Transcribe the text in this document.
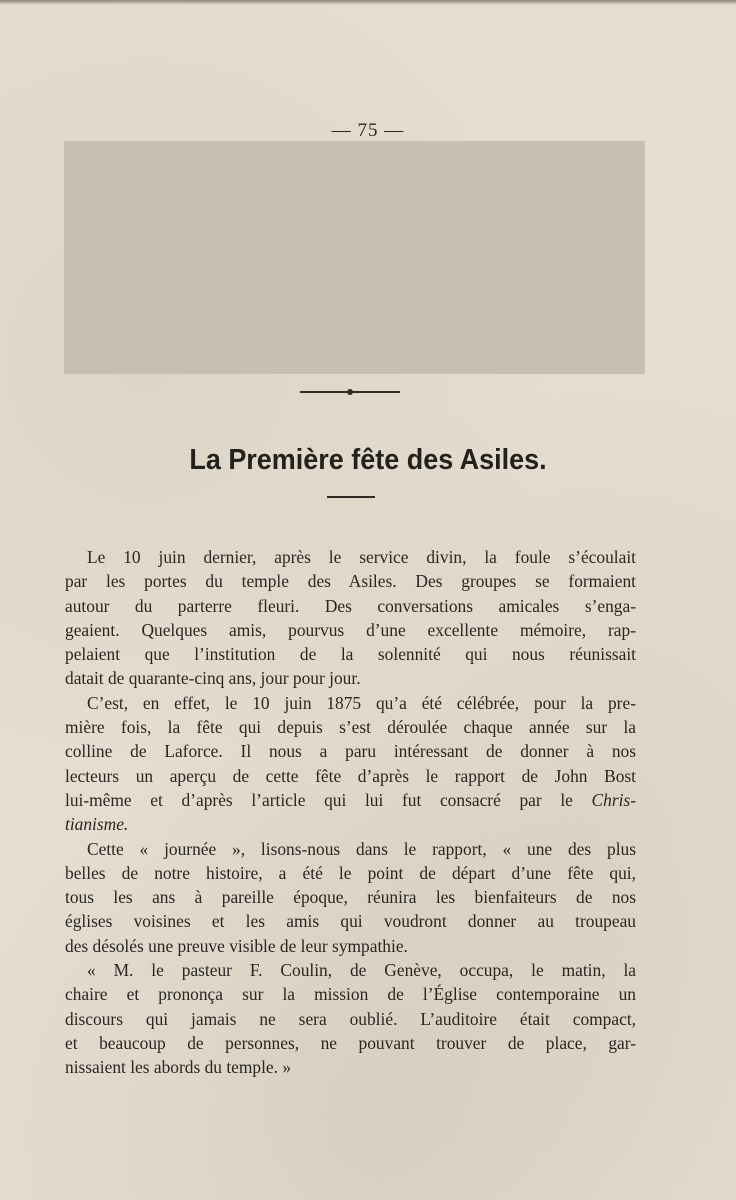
— 75 —
La Première fête des Asiles.
Le 10 juin dernier, après le service divin, la foule s’écoulait
par les portes du temple des Asiles. Des groupes se formaient
autour du parterre fleuri. Des conversations amicales s’enga-
geaient. Quelques amis, pourvus d’une excellente mémoire, rap-
pelaient que l’institution de la solennité qui nous réunissait
datait de quarante-cinq ans, jour pour jour.
C’est, en effet, le 10 juin 1875 qu’a été célébrée, pour la pre-
mière fois, la fête qui depuis s’est déroulée chaque année sur la
colline de Laforce. Il nous a paru intéressant de donner à nos
lecteurs un aperçu de cette fête d’après le rapport de John Bost
lui-même et d’après l’article qui lui fut consacré par le Chris-
tianisme.
Cette « journée », lisons-nous dans le rapport, « une des plus
belles de notre histoire, a été le point de départ d’une fête qui,
tous les ans à pareille époque, réunira les bienfaiteurs de nos
églises voisines et les amis qui voudront donner au troupeau
des désolés une preuve visible de leur sympathie.
« M. le pasteur F. Coulin, de Genève, occupa, le matin, la
chaire et prononça sur la mission de l’Église contemporaine un
discours qui jamais ne sera oublié. L’auditoire était compact,
et beaucoup de personnes, ne pouvant trouver de place, gar-
nissaient les abords du temple. »
